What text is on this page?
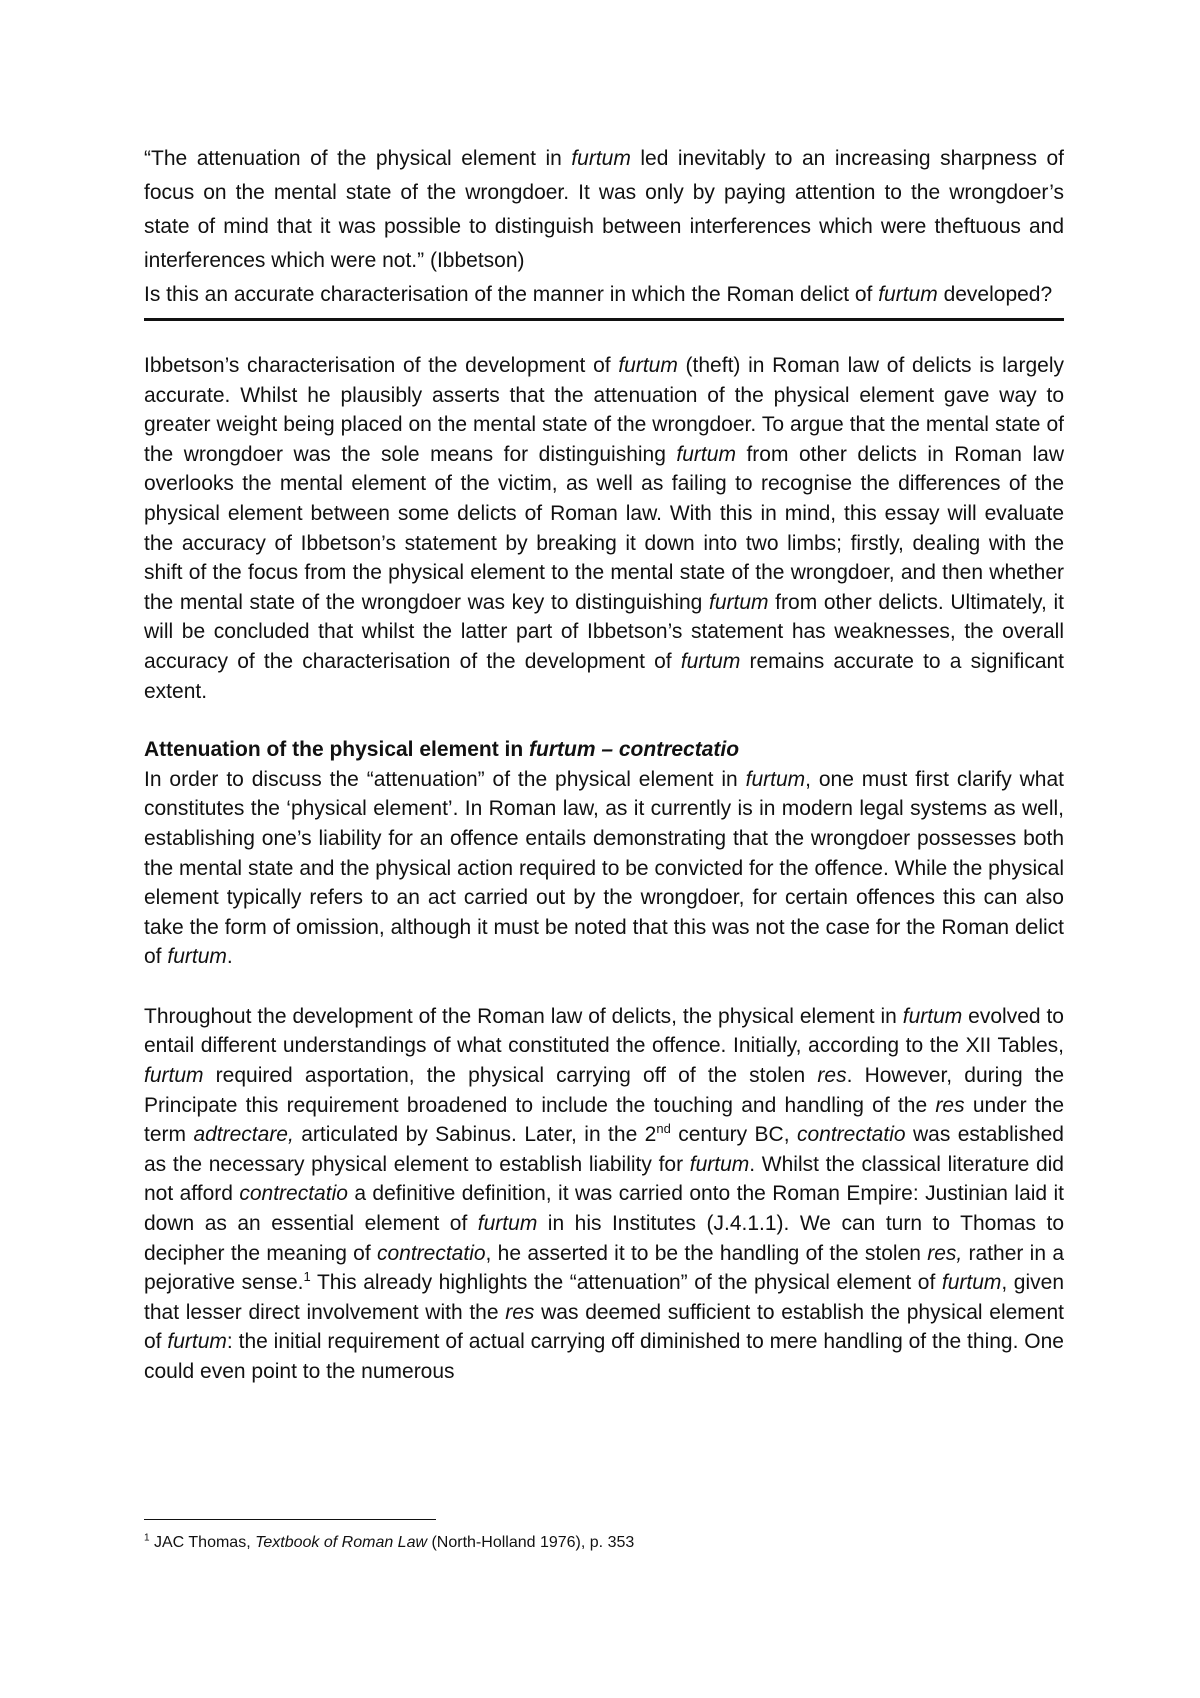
“The attenuation of the physical element in furtum led inevitably to an increasing sharpness of focus on the mental state of the wrongdoer. It was only by paying attention to the wrongdoer’s state of mind that it was possible to distinguish between interferences which were theftuous and interferences which were not.” (Ibbetson)

Is this an accurate characterisation of the manner in which the Roman delict of furtum developed?

Ibbetson’s characterisation of the development of furtum (theft) in Roman law of delicts is largely accurate. Whilst he plausibly asserts that the attenuation of the physical element gave way to greater weight being placed on the mental state of the wrongdoer. To argue that the mental state of the wrongdoer was the sole means for distinguishing furtum from other delicts in Roman law overlooks the mental element of the victim, as well as failing to recognise the differences of the physical element between some delicts of Roman law. With this in mind, this essay will evaluate the accuracy of Ibbetson’s statement by breaking it down into two limbs; firstly, dealing with the shift of the focus from the physical element to the mental state of the wrongdoer, and then whether the mental state of the wrongdoer was key to distinguishing furtum from other delicts. Ultimately, it will be concluded that whilst the latter part of Ibbetson’s statement has weaknesses, the overall accuracy of the characterisation of the development of furtum remains accurate to a significant extent.

Attenuation of the physical element in furtum – contrectatio

In order to discuss the “attenuation” of the physical element in furtum, one must first clarify what constitutes the ‘physical element’. In Roman law, as it currently is in modern legal systems as well, establishing one’s liability for an offence entails demonstrating that the wrongdoer possesses both the mental state and the physical action required to be convicted for the offence. While the physical element typically refers to an act carried out by the wrongdoer, for certain offences this can also take the form of omission, although it must be noted that this was not the case for the Roman delict of furtum.

Throughout the development of the Roman law of delicts, the physical element in furtum evolved to entail different understandings of what constituted the offence. Initially, according to the XII Tables, furtum required asportation, the physical carrying off of the stolen res. However, during the Principate this requirement broadened to include the touching and handling of the res under the term adtrectare, articulated by Sabinus. Later, in the 2nd century BC, contrectatio was established as the necessary physical element to establish liability for furtum. Whilst the classical literature did not afford contrectatio a definitive definition, it was carried onto the Roman Empire: Justinian laid it down as an essential element of furtum in his Institutes (J.4.1.1). We can turn to Thomas to decipher the meaning of contrectatio, he asserted it to be the handling of the stolen res, rather in a pejorative sense.$^1$ This already highlights the “attenuation” of the physical element of furtum, given that lesser direct involvement with the res was deemed sufficient to establish the physical element of furtum: the initial requirement of actual carrying off diminished to mere handling of the thing. One could even point to the numerous

$^1$ JAC Thomas, Textbook of Roman Law (North-Holland 1976), p. 353
